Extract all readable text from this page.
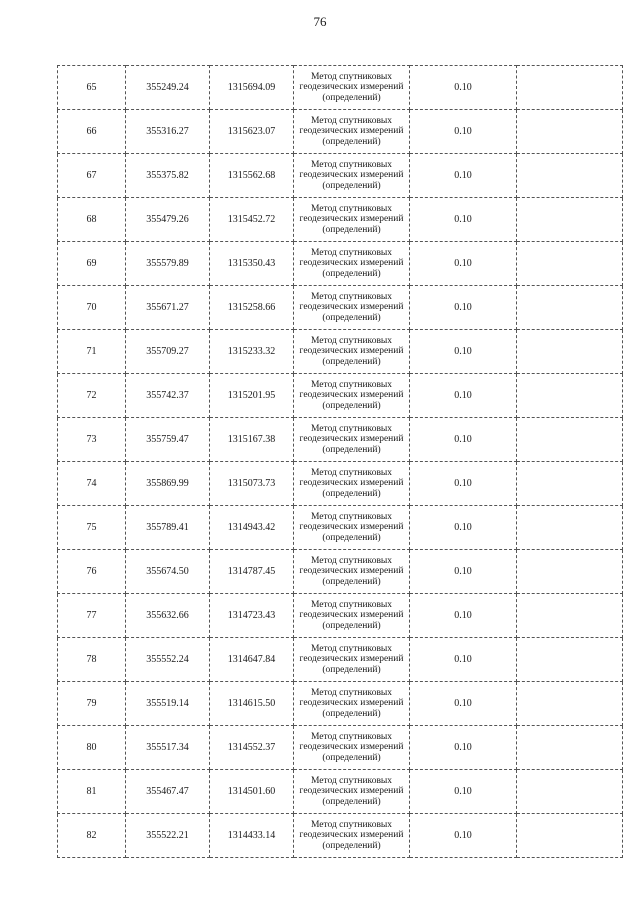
76
65	355249.24	1315694.09	Метод спутниковых
геодезических измерений
(определений)	0.10	
66	355316.27	1315623.07	Метод спутниковых
геодезических измерений
(определений)	0.10	
67	355375.82	1315562.68	Метод спутниковых
геодезических измерений
(определений)	0.10	
68	355479.26	1315452.72	Метод спутниковых
геодезических измерений
(определений)	0.10	
69	355579.89	1315350.43	Метод спутниковых
геодезических измерений
(определений)	0.10	
70	355671.27	1315258.66	Метод спутниковых
геодезических измерений
(определений)	0.10	
71	355709.27	1315233.32	Метод спутниковых
геодезических измерений
(определений)	0.10	
72	355742.37	1315201.95	Метод спутниковых
геодезических измерений
(определений)	0.10	
73	355759.47	1315167.38	Метод спутниковых
геодезических измерений
(определений)	0.10	
74	355869.99	1315073.73	Метод спутниковых
геодезических измерений
(определений)	0.10	
75	355789.41	1314943.42	Метод спутниковых
геодезических измерений
(определений)	0.10	
76	355674.50	1314787.45	Метод спутниковых
геодезических измерений
(определений)	0.10	
77	355632.66	1314723.43	Метод спутниковых
геодезических измерений
(определений)	0.10	
78	355552.24	1314647.84	Метод спутниковых
геодезических измерений
(определений)	0.10	
79	355519.14	1314615.50	Метод спутниковых
геодезических измерений
(определений)	0.10	
80	355517.34	1314552.37	Метод спутниковых
геодезических измерений
(определений)	0.10	
81	355467.47	1314501.60	Метод спутниковых
геодезических измерений
(определений)	0.10	
82	355522.21	1314433.14	Метод спутниковых
геодезических измерений
(определений)	0.10	
